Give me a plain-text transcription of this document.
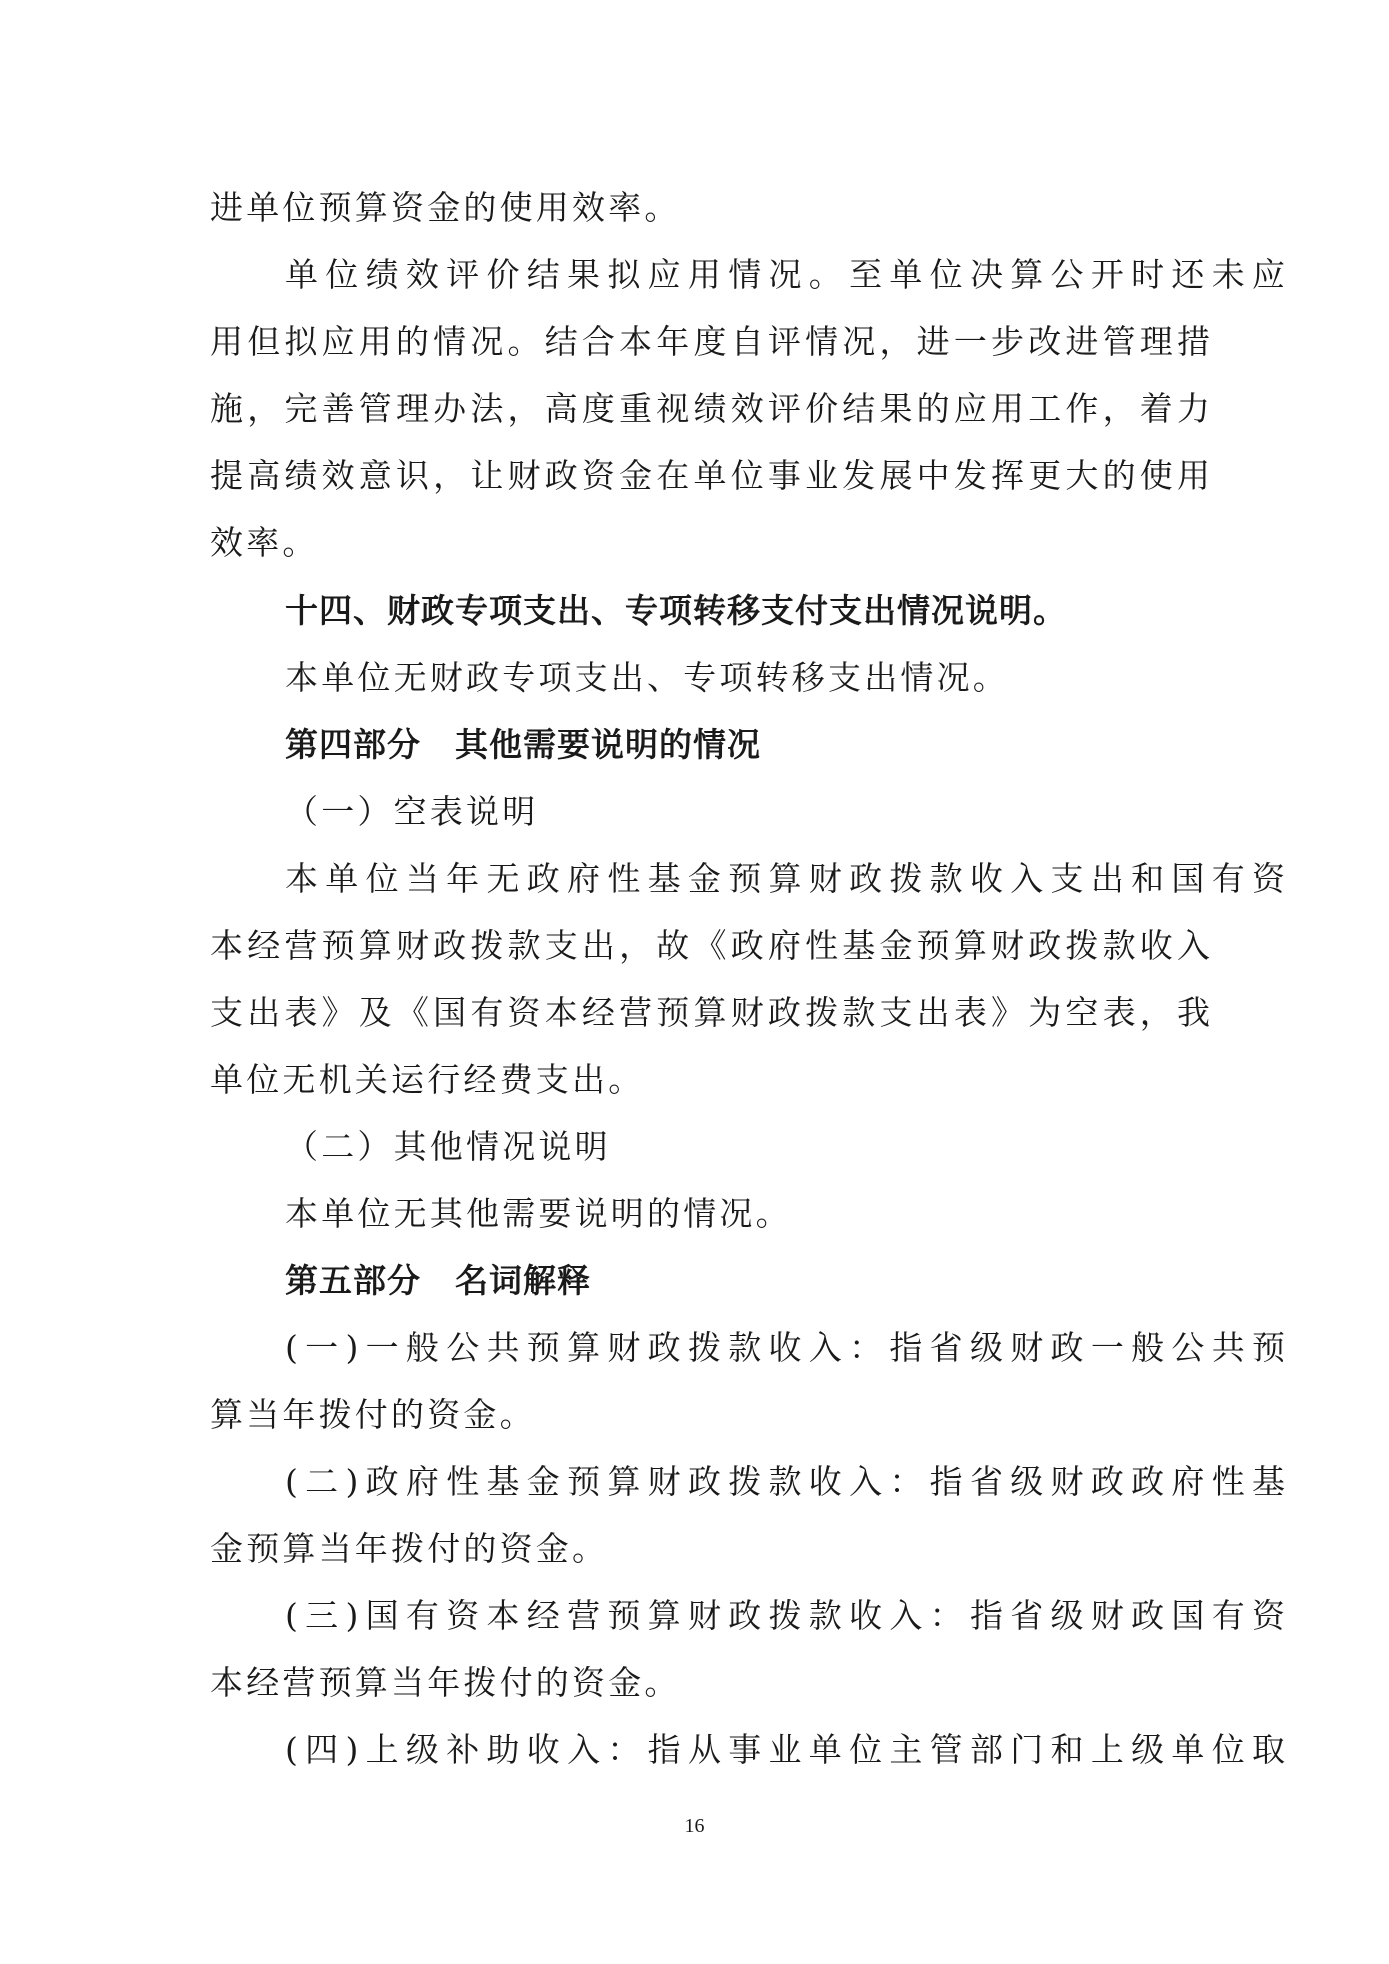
进单位预算资金的使用效率。
单位绩效评价结果拟应用情况。至单位决算公开时还未应
用但拟应用的情况。结合本年度自评情况，进一步改进管理措
施，完善管理办法，高度重视绩效评价结果的应用工作，着力
提高绩效意识，让财政资金在单位事业发展中发挥更大的使用
效率。
十四、财政专项支出、专项转移支付支出情况说明。
本单位无财政专项支出、专项转移支出情况。
第四部分　其他需要说明的情况
（一）空表说明
本单位当年无政府性基金预算财政拨款收入支出和国有资
本经营预算财政拨款支出，故《政府性基金预算财政拨款收入
支出表》及《国有资本经营预算财政拨款支出表》为空表，我
单位无机关运行经费支出。
（二）其他情况说明
本单位无其他需要说明的情况。
第五部分　名词解释
(一)一般公共预算财政拨款收入：指省级财政一般公共预
算当年拨付的资金。
(二)政府性基金预算财政拨款收入：指省级财政政府性基
金预算当年拨付的资金。
(三)国有资本经营预算财政拨款收入：指省级财政国有资
本经营预算当年拨付的资金。
(四)上级补助收入：指从事业单位主管部门和上级单位取
16
